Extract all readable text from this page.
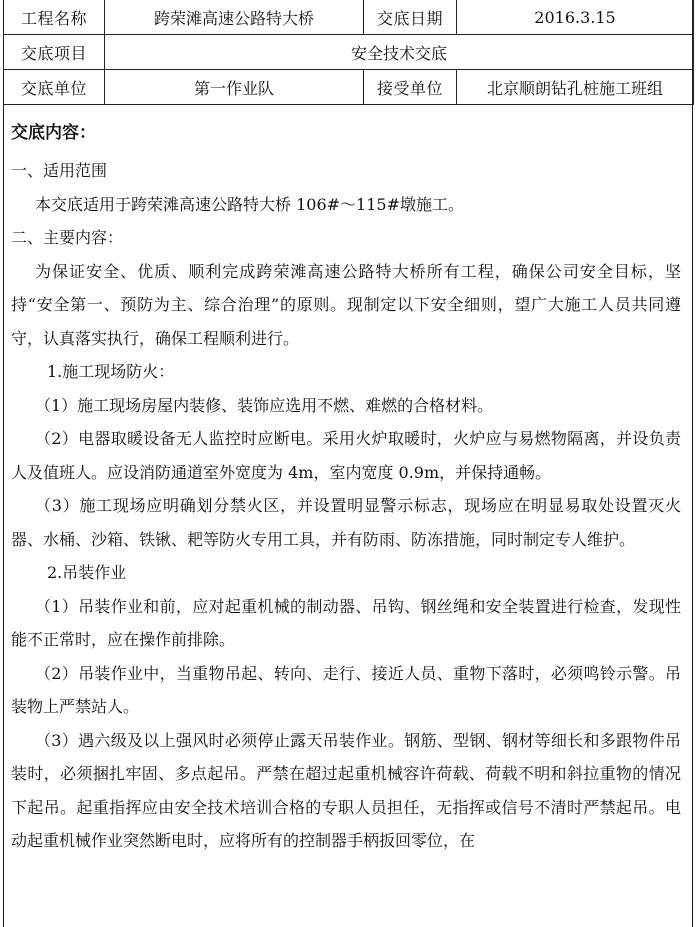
工程名称	跨荣滩高速公路特大桥	交底日期	2016.3.15
交底项目	安全技术交底		
交底单位	第一作业队	接受单位	北京顺朗钻孔桩施工班组

交底内容：

一、适用范围

本交底适用于跨荣滩高速公路特大桥 106#～115#墩施工。

二、主要内容：

为保证安全、优质、顺利完成跨荣滩高速公路特大桥所有工程，确保公司安全目标，坚持“安全第一、预防为主、综合治理”的原则。现制定以下安全细则，望广大施工人员共同遵守，认真落实执行，确保工程顺利进行。

1.施工现场防火：

（1）施工现场房屋内装修、装饰应选用不燃、难燃的合格材料。

（2）电器取暖设备无人监控时应断电。采用火炉取暖时，火炉应与易燃物隔离，并设负责人及值班人。应设消防通道室外宽度为 4m，室内宽度 0.9m，并保持通畅。

（3）施工现场应明确划分禁火区，并设置明显警示标志，现场应在明显易取处设置灭火器、水桶、沙箱、铁锹、耙等防火专用工具，并有防雨、防冻措施，同时制定专人维护。

2.吊装作业

（1）吊装作业和前，应对起重机械的制动器、吊钩、钢丝绳和安全装置进行检查，发现性能不正常时，应在操作前排除。

（2）吊装作业中，当重物吊起、转向、走行、接近人员、重物下落时，必须鸣铃示警。吊装物上严禁站人。

（3）遇六级及以上强风时必须停止露天吊装作业。钢筋、型钢、钢材等细长和多跟物件吊装时，必须捆扎牢固、多点起吊。严禁在超过起重机械容许荷载、荷载不明和斜拉重物的情况下起吊。起重指挥应由安全技术培训合格的专职人员担任，无指挥或信号不清时严禁起吊。电动起重机械作业突然断电时，应将所有的控制器手柄扳回零位，在
